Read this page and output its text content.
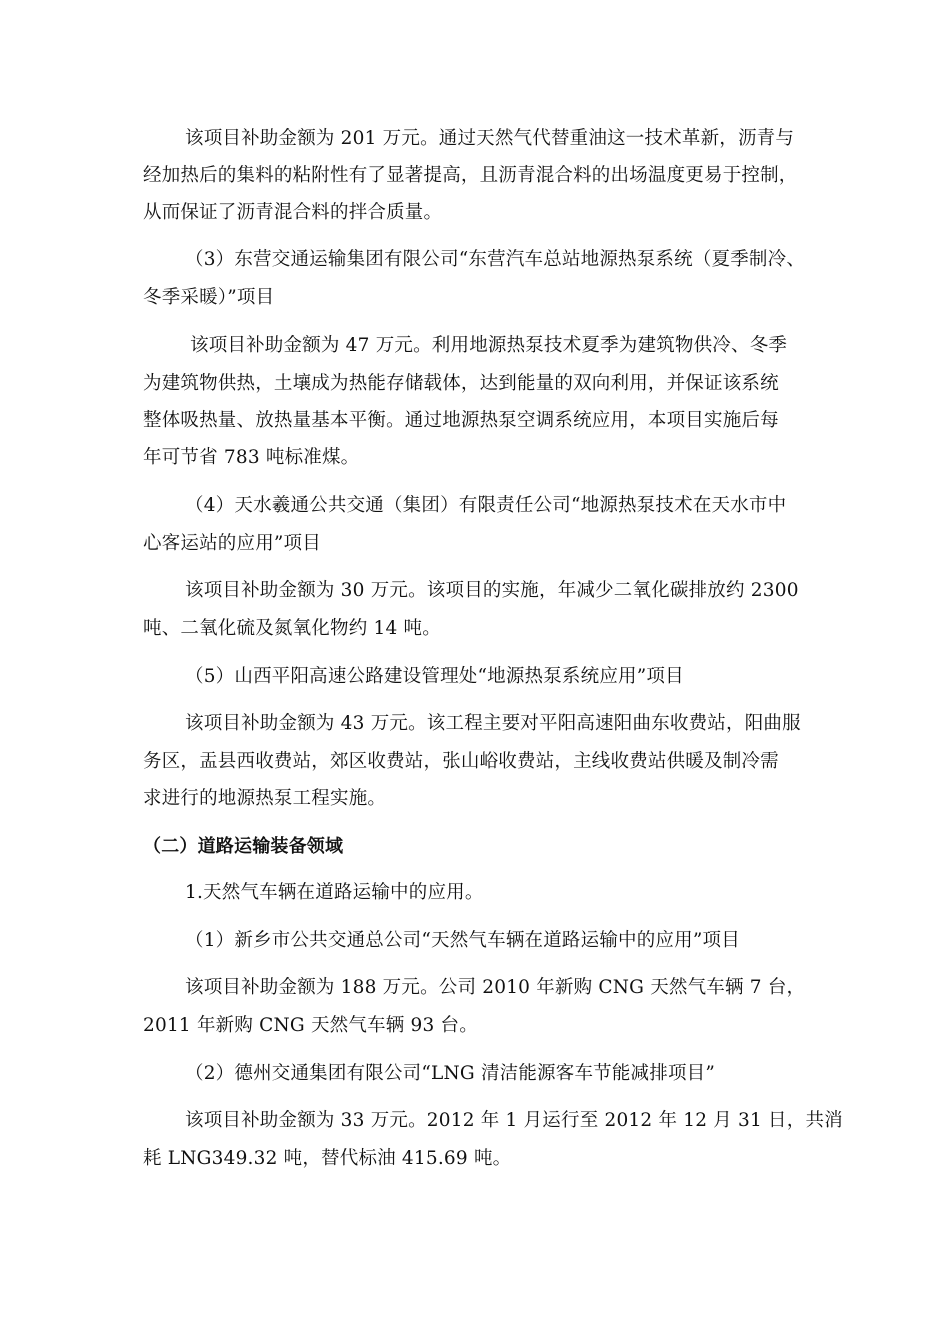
该项目补助金额为 201 万元。通过天然气代替重油这一技术革新，沥青与
经加热后的集料的粘附性有了显著提高，且沥青混合料的出场温度更易于控制，
从而保证了沥青混合料的拌合质量。
（3）东营交通运输集团有限公司“东营汽车总站地源热泵系统（夏季制冷、
冬季采暖）”项目
该项目补助金额为 47 万元。利用地源热泵技术夏季为建筑物供冷、冬季
为建筑物供热，土壤成为热能存储载体，达到能量的双向利用，并保证该系统
整体吸热量、放热量基本平衡。通过地源热泵空调系统应用，本项目实施后每
年可节省 783 吨标准煤。
（4）天水羲通公共交通（集团）有限责任公司“地源热泵技术在天水市中
心客运站的应用”项目
该项目补助金额为 30 万元。该项目的实施，年减少二氧化碳排放约 2300
吨、二氧化硫及氮氧化物约 14 吨。
（5）山西平阳高速公路建设管理处“地源热泵系统应用”项目
该项目补助金额为 43 万元。该工程主要对平阳高速阳曲东收费站，阳曲服
务区，盂县西收费站，郊区收费站，张山峪收费站，主线收费站供暖及制冷需
求进行的地源热泵工程实施。
（二）道路运输装备领域
1.天然气车辆在道路运输中的应用。
（1）新乡市公共交通总公司“天然气车辆在道路运输中的应用”项目
该项目补助金额为 188 万元。公司 2010 年新购 CNG 天然气车辆 7 台，
2011 年新购 CNG 天然气车辆 93 台。
（2）德州交通集团有限公司“LNG 清洁能源客车节能减排项目”
该项目补助金额为 33 万元。2012 年 1 月运行至 2012 年 12 月 31 日，共消
耗 LNG349.32 吨，替代标油 415.69 吨。
